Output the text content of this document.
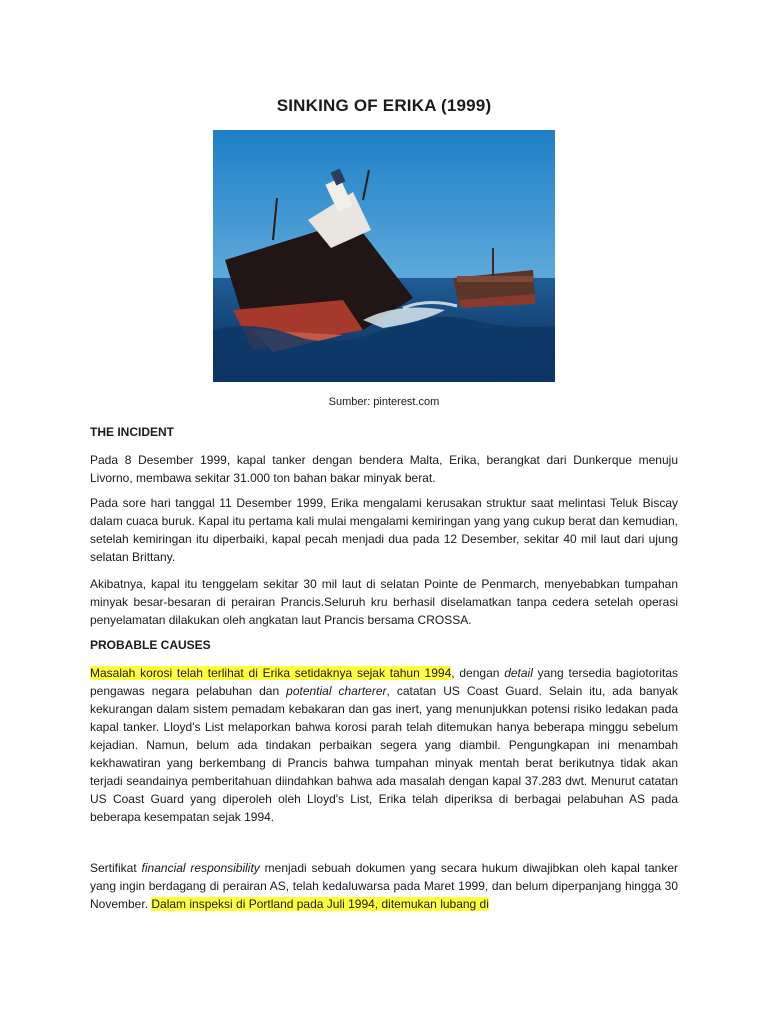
SINKING OF ERIKA (1999)
Sumber: pinterest.com
THE INCIDENT

Pada 8 Desember 1999, kapal tanker dengan bendera Malta, Erika, berangkat dari Dunkerque menuju Livorno, membawa sekitar 31.000 ton bahan bakar minyak berat.

Pada sore hari tanggal 11 Desember 1999, Erika mengalami kerusakan struktur saat melintasi Teluk Biscay dalam cuaca buruk. Kapal itu pertama kali mulai mengalami kemiringan yang yang cukup berat dan kemudian, setelah kemiringan itu diperbaiki, kapal pecah menjadi dua pada 12 Desember, sekitar 40 mil laut dari ujung selatan Brittany.

Akibatnya, kapal itu tenggelam sekitar 30 mil laut di selatan Pointe de Penmarch, menyebabkan tumpahan minyak besar-besaran di perairan Prancis.Seluruh kru berhasil diselamatkan tanpa cedera setelah operasi penyelamatan dilakukan oleh angkatan laut Prancis bersama CROSSA.

PROBABLE CAUSES

Masalah korosi telah terlihat di Erika setidaknya sejak tahun 1994, dengan detail yang tersedia bagiotoritas pengawas negara pelabuhan dan potential charterer, catatan US Coast Guard. Selain itu, ada banyak kekurangan dalam sistem pemadam kebakaran dan gas inert, yang menunjukkan potensi risiko ledakan pada kapal tanker. Lloyd's List melaporkan bahwa korosi parah telah ditemukan hanya beberapa minggu sebelum kejadian. Namun, belum ada tindakan perbaikan segera yang diambil. Pengungkapan ini menambah kekhawatiran yang berkembang di Prancis bahwa tumpahan minyak mentah berat berikutnya tidak akan terjadi seandainya pemberitahuan diindahkan bahwa ada masalah dengan kapal 37.283 dwt. Menurut catatan US Coast Guard yang diperoleh oleh Lloyd's List, Erika telah diperiksa di berbagai pelabuhan AS pada beberapa kesempatan sejak 1994.

Sertifikat financial responsibility menjadi sebuah dokumen yang secara hukum diwajibkan oleh kapal tanker yang ingin berdagang di perairan AS, telah kedaluwarsa pada Maret 1999, dan belum diperpanjang hingga 30 November. Dalam inspeksi di Portland pada Juli 1994, ditemukan lubang di
